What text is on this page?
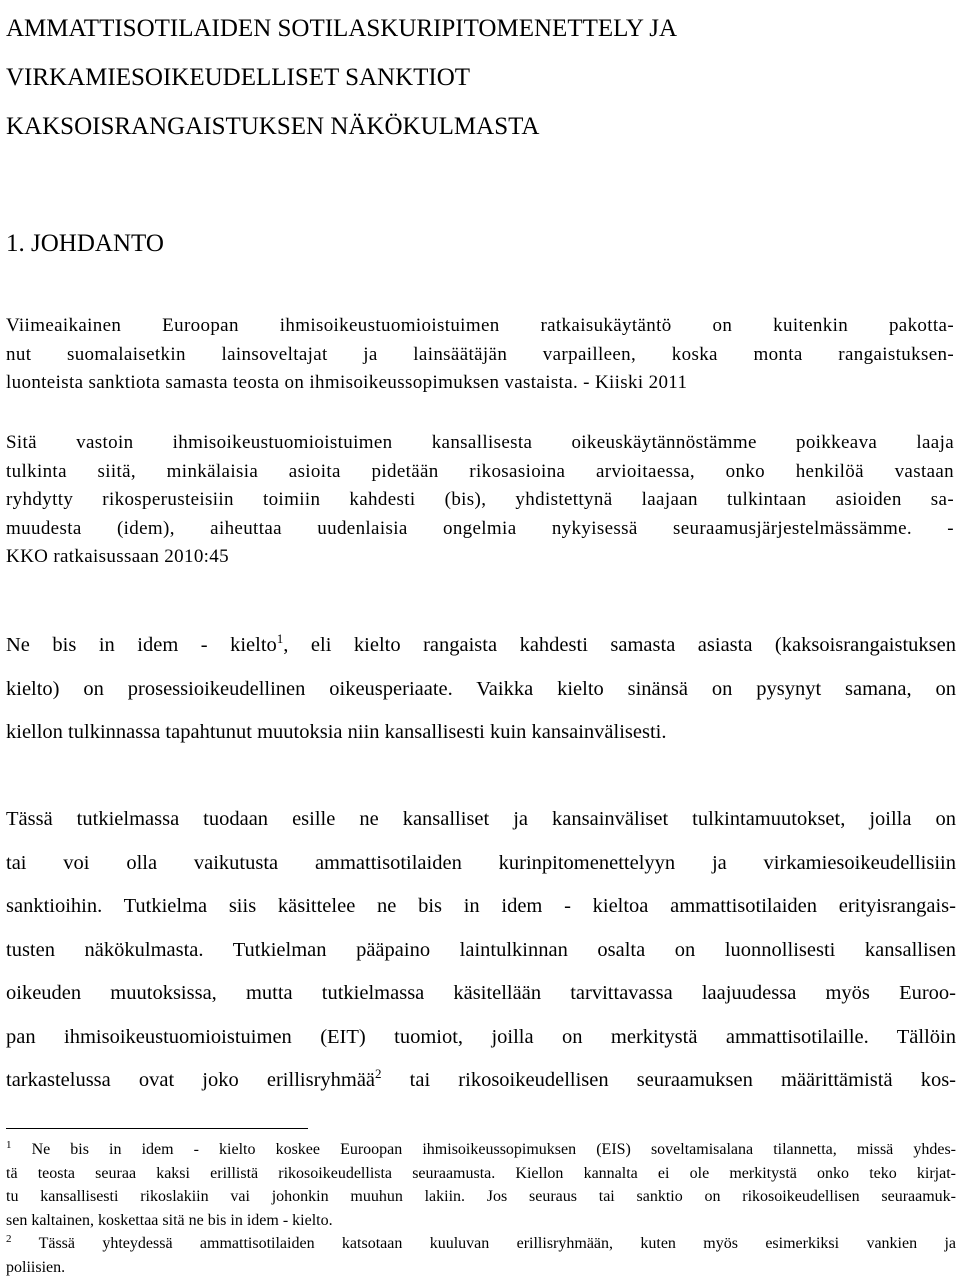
AMMATTISOTILAIDEN SOTILASKURIPITOMENETTELY JA
VIRKAMIESOIKEUDELLISET SANKTIOT
KAKSOISRANGAISTUKSEN NÄKÖKULMASTA
1. JOHDANTO
Viimeaikainen Euroopan ihmisoikeustuomioistuimen ratkaisukäytäntö on kuitenkin pakotta-
nut suomalaisetkin lainsoveltajat ja lainsäätäjän varpailleen, koska monta rangaistuksen-
luonteista sanktiota samasta teosta on ihmisoikeussopimuksen vastaista. - Kiiski 2011
Sitä vastoin ihmisoikeustuomioistuimen kansallisesta oikeuskäytännöstämme poikkeava laaja
tulkinta siitä, minkälaisia asioita pidetään rikosasioina arvioitaessa, onko henkilöä vastaan
ryhdytty rikosperusteisiin toimiin kahdesti (bis), yhdistettynä laajaan tulkintaan asioiden sa-
muudesta (idem), aiheuttaa uudenlaisia ongelmia nykyisessä seuraamusjärjestelmässämme. -
KKO ratkaisussaan 2010:45
Ne bis in idem - kielto$^1$, eli kielto rangaista kahdesti samasta asiasta (kaksoisrangaistuksen
kielto) on prosessioikeudellinen oikeusperiaate. Vaikka kielto sinänsä on pysynyt samana, on
kiellon tulkinnassa tapahtunut muutoksia niin kansallisesti kuin kansainvälisesti.
Tässä tutkielmassa tuodaan esille ne kansalliset ja kansainväliset tulkintamuutokset, joilla on
tai voi olla vaikutusta ammattisotilaiden kurinpitomenettelyyn ja virkamiesoikeudellisiin
sanktioihin. Tutkielma siis käsittelee ne bis in idem - kieltoa ammattisotilaiden erityisrangais-
tusten näkökulmasta. Tutkielman pääpaino laintulkinnan osalta on luonnollisesti kansallisen
oikeuden muutoksissa, mutta tutkielmassa käsitellään tarvittavassa laajuudessa myös Euroo-
pan ihmisoikeustuomioistuimen (EIT) tuomiot, joilla on merkitystä ammattisotilaille. Tällöin
tarkastelussa ovat joko erillisryhmää$^2$ tai rikosoikeudellisen seuraamuksen määrittämistä kos-
$^1$ Ne bis in idem - kielto koskee Euroopan ihmisoikeussopimuksen (EIS) soveltamisalana tilannetta, missä yhdes-
tä teosta seuraa kaksi erillistä rikosoikeudellista seuraamusta. Kiellon kannalta ei ole merkitystä onko teko kirjat-
tu kansallisesti rikoslakiin vai johonkin muuhun lakiin. Jos seuraus tai sanktio on rikosoikeudellisen seuraamuk-
sen kaltainen, koskettaa sitä ne bis in idem - kielto.
$^2$ Tässä yhteydessä ammattisotilaiden katsotaan kuuluvan erillisryhmään, kuten myös esimerkiksi vankien ja
poliisien.
